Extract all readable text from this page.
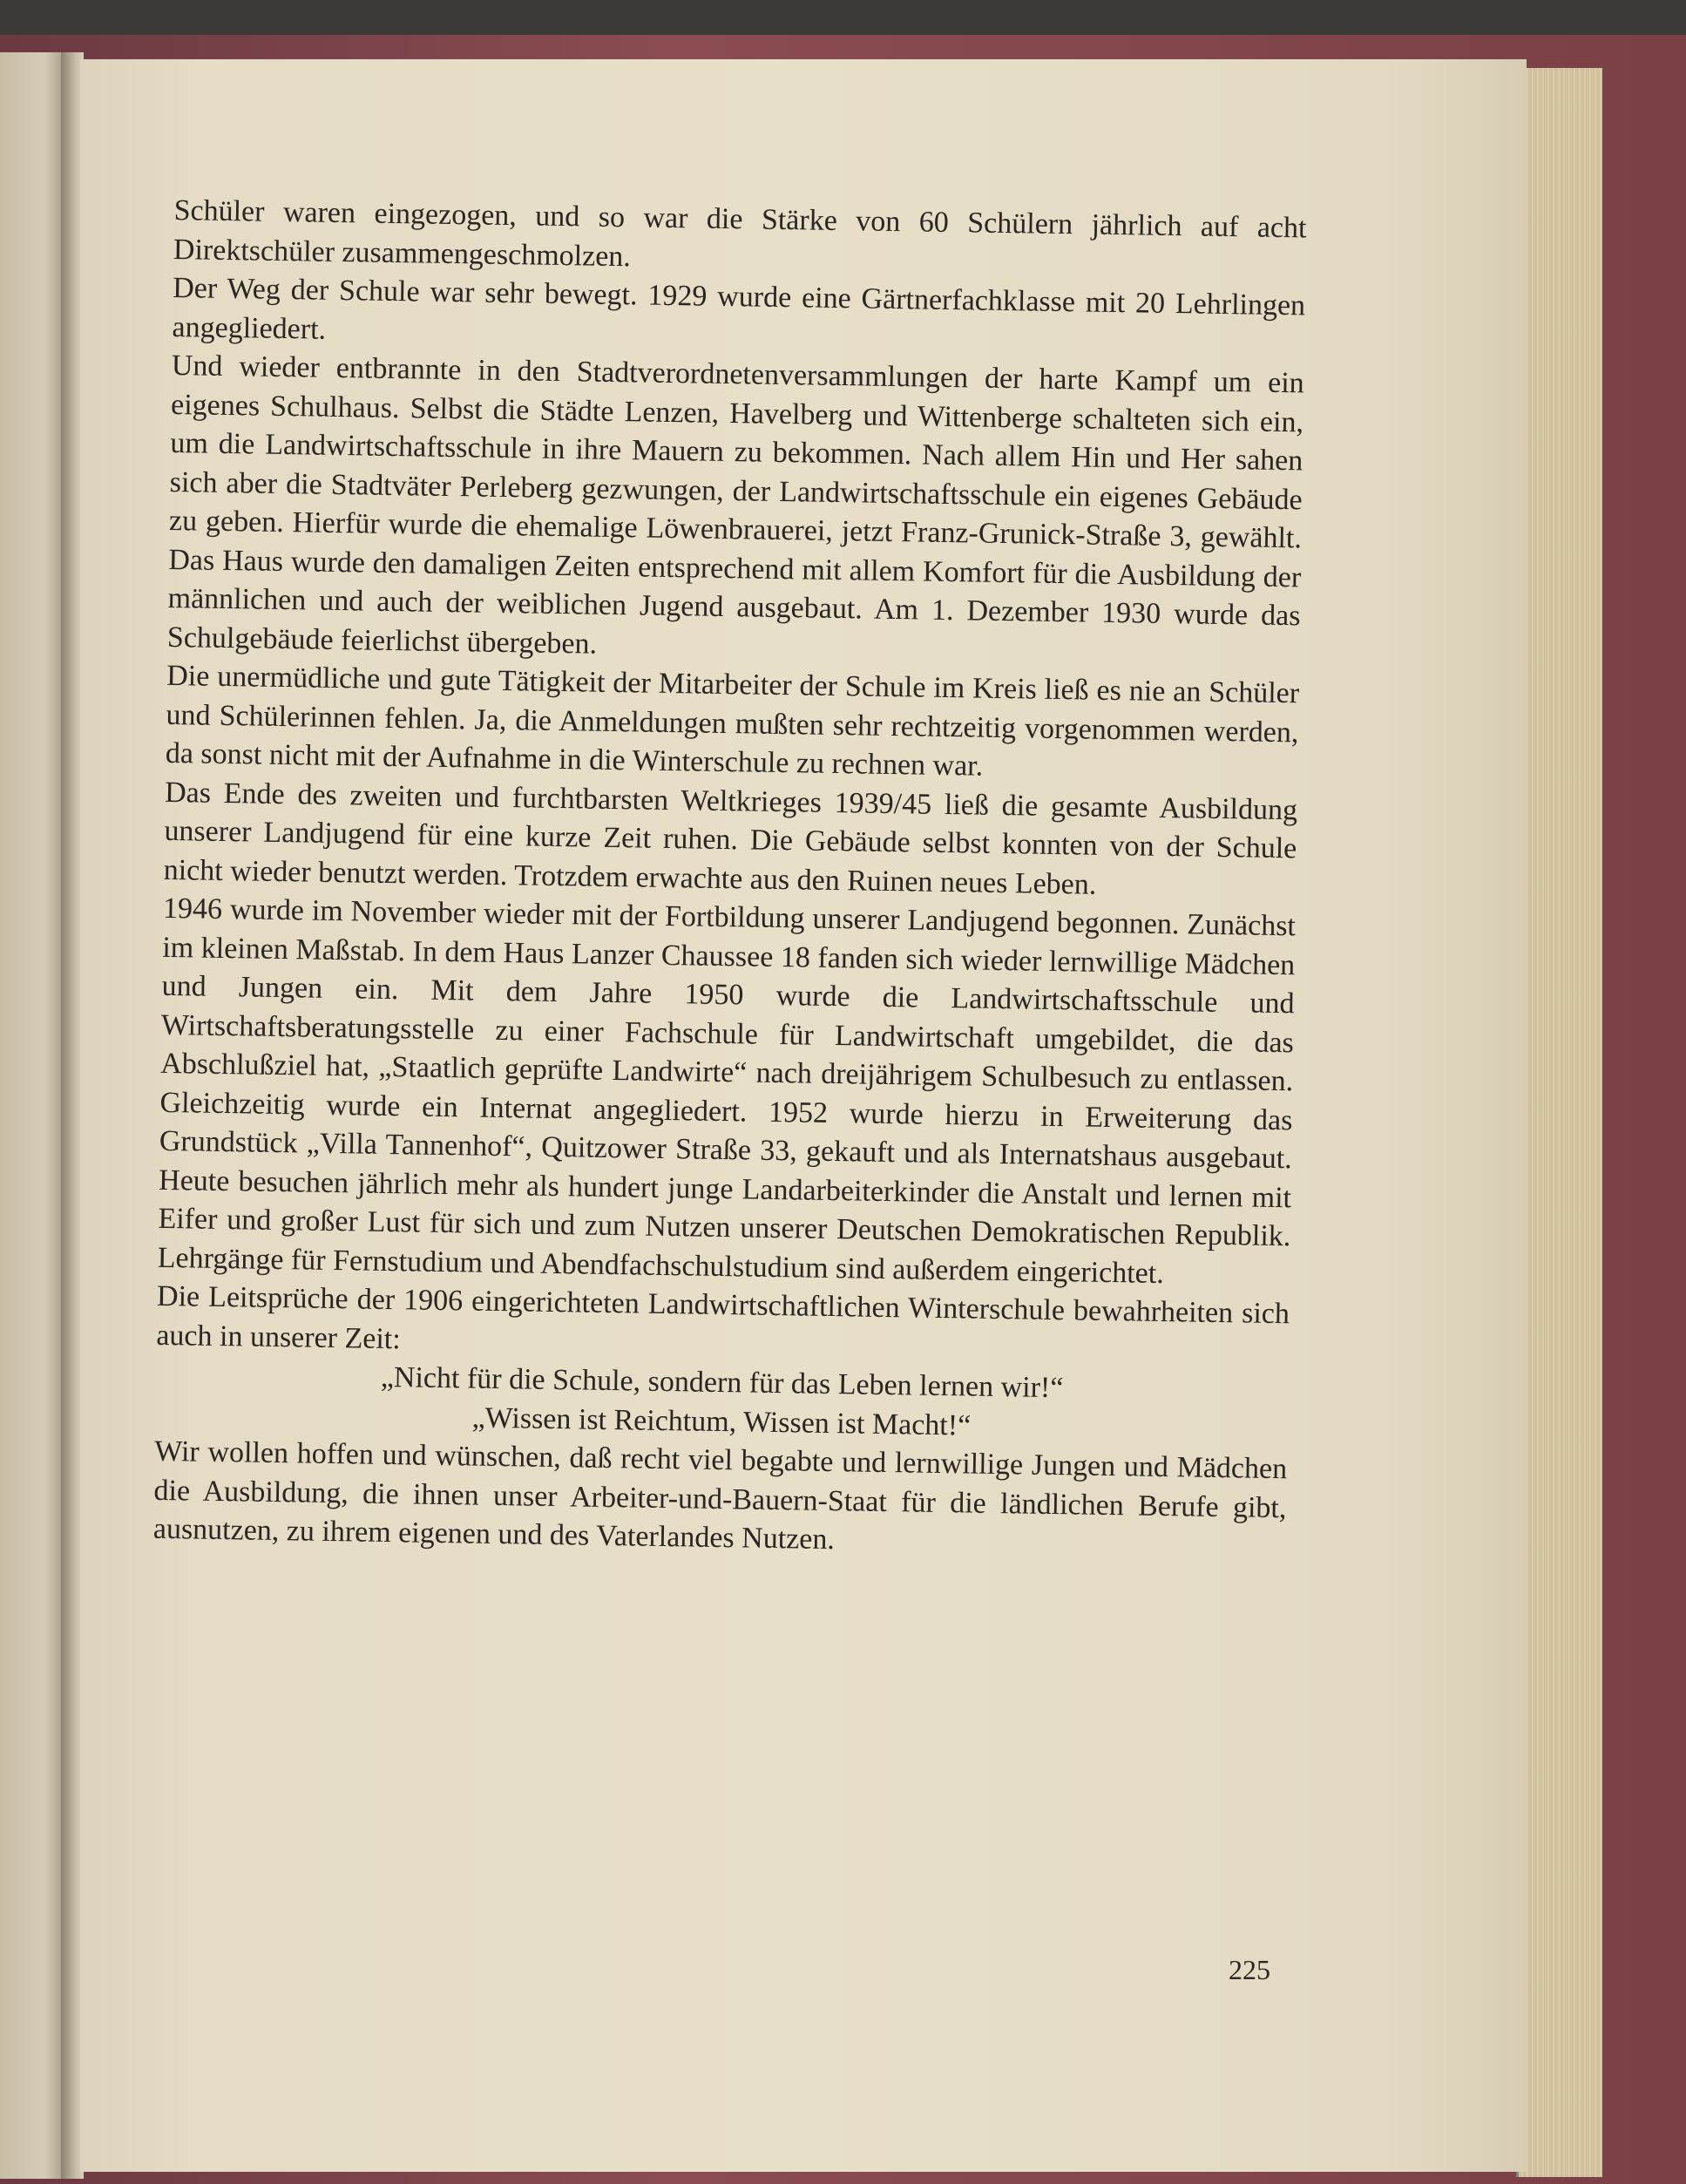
Schüler waren eingezogen, und so war die Stärke von 60 Schülern jährlich auf acht Direktschüler zusammengeschmolzen.

Der Weg der Schule war sehr bewegt. 1929 wurde eine Gärtnerfachklasse mit 20 Lehrlingen angegliedert.

Und wieder entbrannte in den Stadtverordnetenversammlungen der harte Kampf um ein eigenes Schulhaus. Selbst die Städte Lenzen, Havelberg und Wittenberge schalteten sich ein, um die Landwirtschaftsschule in ihre Mauern zu bekommen. Nach allem Hin und Her sahen sich aber die Stadtväter Perleberg gezwungen, der Landwirtschaftsschule ein eigenes Gebäude zu geben. Hierfür wurde die ehemalige Löwenbrauerei, jetzt Franz-Grunick-Straße 3, gewählt. Das Haus wurde den damaligen Zeiten entsprechend mit allem Komfort für die Ausbildung der männlichen und auch der weiblichen Jugend ausgebaut. Am 1. Dezember 1930 wurde das Schulgebäude feierlichst übergeben.

Die unermüdliche und gute Tätigkeit der Mitarbeiter der Schule im Kreis ließ es nie an Schüler und Schülerinnen fehlen. Ja, die Anmeldungen mußten sehr rechtzeitig vorgenommen werden, da sonst nicht mit der Aufnahme in die Winterschule zu rechnen war.

Das Ende des zweiten und furchtbarsten Weltkrieges 1939/45 ließ die gesamte Ausbildung unserer Landjugend für eine kurze Zeit ruhen. Die Gebäude selbst konnten von der Schule nicht wieder benutzt werden. Trotzdem erwachte aus den Ruinen neues Leben.

1946 wurde im November wieder mit der Fortbildung unserer Landjugend begonnen. Zunächst im kleinen Maßstab. In dem Haus Lanzer Chaussee 18 fanden sich wieder lernwillige Mädchen und Jungen ein. Mit dem Jahre 1950 wurde die Landwirtschaftsschule und Wirtschaftsberatungsstelle zu einer Fachschule für Landwirtschaft umgebildet, die das Abschlußziel hat, „Staatlich geprüfte Landwirte“ nach dreijährigem Schulbesuch zu entlassen. Gleichzeitig wurde ein Internat angegliedert. 1952 wurde hierzu in Erweiterung das Grundstück „Villa Tannenhof“, Quitzower Straße 33, gekauft und als Internatshaus ausgebaut. Heute besuchen jährlich mehr als hundert junge Landarbeiterkinder die Anstalt und lernen mit Eifer und großer Lust für sich und zum Nutzen unserer Deutschen Demokratischen Republik. Lehrgänge für Fernstudium und Abendfachschulstudium sind außerdem eingerichtet.

Die Leitsprüche der 1906 eingerichteten Landwirtschaftlichen Winterschule bewahrheiten sich auch in unserer Zeit:

„Nicht für die Schule, sondern für das Leben lernen wir!“

„Wissen ist Reichtum, Wissen ist Macht!“

Wir wollen hoffen und wünschen, daß recht viel begabte und lernwillige Jungen und Mädchen die Ausbildung, die ihnen unser Arbeiter-und-Bauern-Staat für die ländlichen Berufe gibt, ausnutzen, zu ihrem eigenen und des Vaterlandes Nutzen.

225
